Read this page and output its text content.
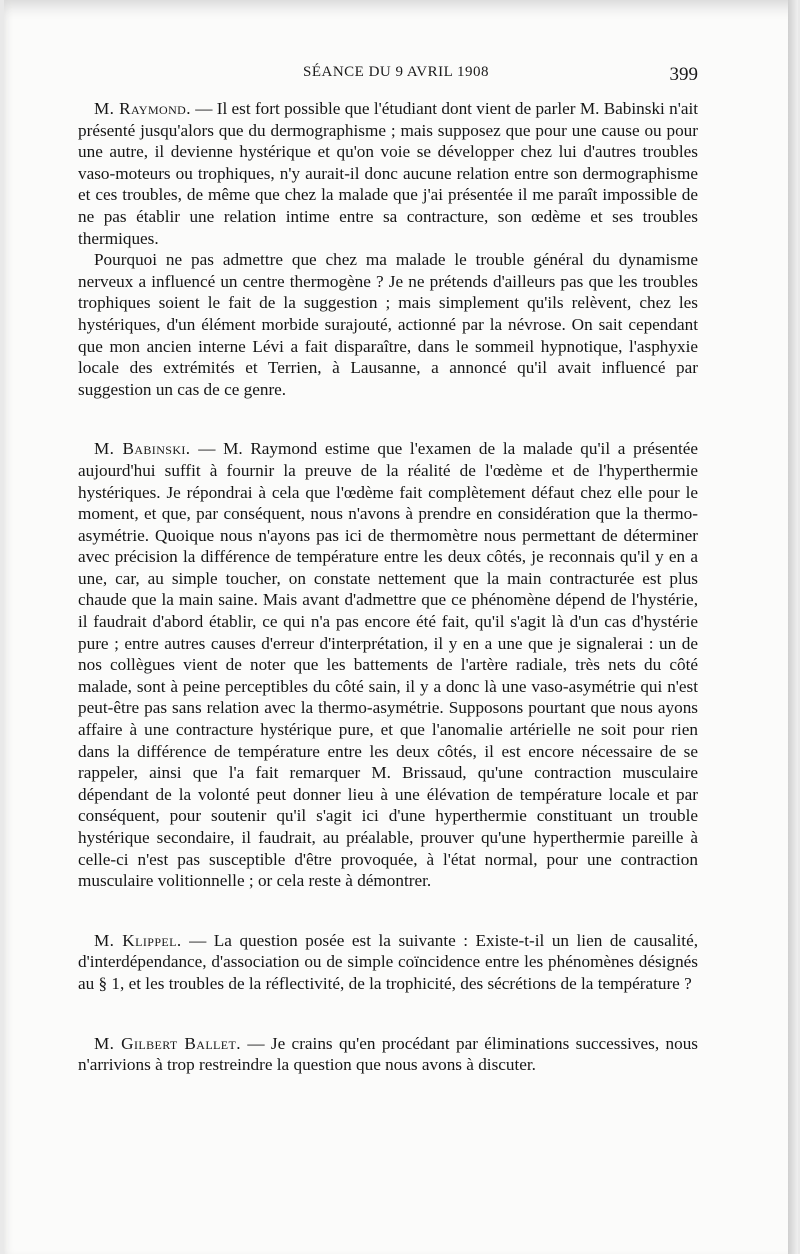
SÉANCE DU 9 AVRIL 1908	399

M. Raymond. — Il est fort possible que l'étudiant dont vient de parler M. Babinski n'ait présenté jusqu'alors que du dermographisme ; mais supposez que pour une cause ou pour une autre, il devienne hystérique et qu'on voie se développer chez lui d'autres troubles vaso-moteurs ou trophiques, n'y aurait-il donc aucune relation entre son dermographisme et ces troubles, de même que chez la malade que j'ai présentée il me paraît impossible de ne pas établir une relation intime entre sa contracture, son œdème et ses troubles thermiques.

Pourquoi ne pas admettre que chez ma malade le trouble général du dynamisme nerveux a influencé un centre thermogène ? Je ne prétends d'ailleurs pas que les troubles trophiques soient le fait de la suggestion ; mais simplement qu'ils relèvent, chez les hystériques, d'un élément morbide surajouté, actionné par la névrose. On sait cependant que mon ancien interne Lévi a fait disparaître, dans le sommeil hypnotique, l'asphyxie locale des extrémités et Terrien, à Lausanne, a annoncé qu'il avait influencé par suggestion un cas de ce genre.

M. Babinski. — M. Raymond estime que l'examen de la malade qu'il a présentée aujourd'hui suffit à fournir la preuve de la réalité de l'œdème et de l'hyperthermie hystériques. Je répondrai à cela que l'œdème fait complètement défaut chez elle pour le moment, et que, par conséquent, nous n'avons à prendre en considération que la thermo-asymétrie. Quoique nous n'ayons pas ici de thermomètre nous permettant de déterminer avec précision la différence de température entre les deux côtés, je reconnais qu'il y en a une, car, au simple toucher, on constate nettement que la main contracturée est plus chaude que la main saine. Mais avant d'admettre que ce phénomène dépend de l'hystérie, il faudrait d'abord établir, ce qui n'a pas encore été fait, qu'il s'agit là d'un cas d'hystérie pure ; entre autres causes d'erreur d'interprétation, il y en a une que je signalerai : un de nos collègues vient de noter que les battements de l'artère radiale, très nets du côté malade, sont à peine perceptibles du côté sain, il y a donc là une vaso-asymétrie qui n'est peut-être pas sans relation avec la thermo-asymétrie. Supposons pourtant que nous ayons affaire à une contracture hystérique pure, et que l'anomalie artérielle ne soit pour rien dans la différence de température entre les deux côtés, il est encore nécessaire de se rappeler, ainsi que l'a fait remarquer M. Brissaud, qu'une contraction musculaire dépendant de la volonté peut donner lieu à une élévation de température locale et par conséquent, pour soutenir qu'il s'agit ici d'une hyperthermie constituant un trouble hystérique secondaire, il faudrait, au préalable, prouver qu'une hyperthermie pareille à celle-ci n'est pas susceptible d'être provoquée, à l'état normal, pour une contraction musculaire volitionnelle ; or cela reste à démontrer.

M. Klippel. — La question posée est la suivante : Existe-t-il un lien de causalité, d'interdépendance, d'association ou de simple coïncidence entre les phénomènes désignés au § 1, et les troubles de la réflectivité, de la trophicité, des sécrétions de la température ?

M. Gilbert Ballet. — Je crains qu'en procédant par éliminations successives, nous n'arrivions à trop restreindre la question que nous avons à discuter.
